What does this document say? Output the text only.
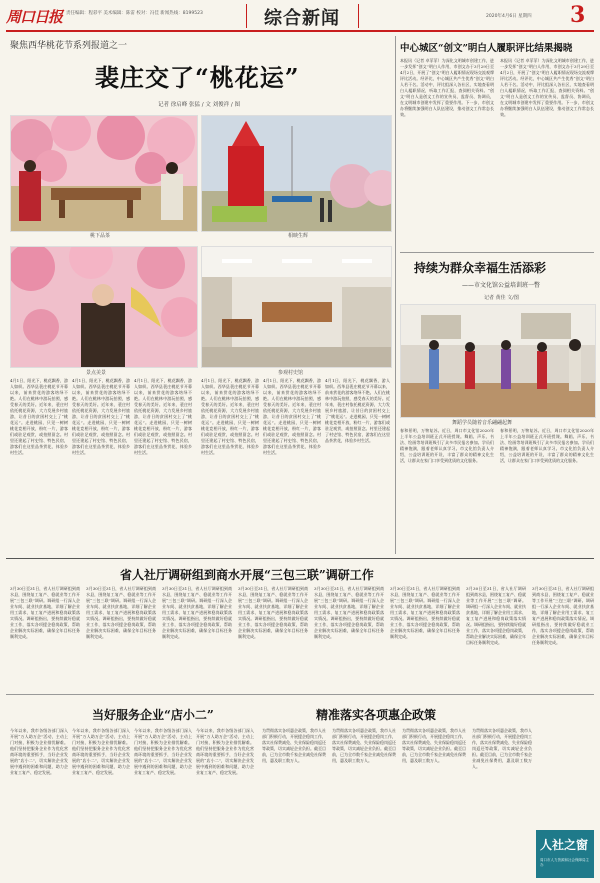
周口日报 责任编辑：程彩平 美术编辑：陈雷 校对：冯佳 新闻热线：8199523	综合新闻	2020年4月6日 星期四 3
聚焦西华桃花节系列报道之一
裴庄交了“桃花运”
记者 徐启峰 张猛 / 文 刘俊祥 / 图
桃下品茶	相映生辉
景点美景	参观村史馆
4月1日，阳光下，桃花飘香，游人如织。西华县裴庄桃花节开幕以来，前来赏花的游客络绎不绝。人们在桃林中游玩拍照，感受春天的美好。近年来，裴庄村依托桃花资源，大力发展乡村旅游，让昔日的贫困村交上了“桃花运”。走进桃园，只见一树树桃花竞相开放，粉红一片，游客们或驻足观赏，或拍照留念。村里还建起了村史馆、特色民宿，游客们在这里品茶赏花，体验乡村生活。
4月1日，阳光下，桃花飘香，游人如织。西华县裴庄桃花节开幕以来，前来赏花的游客络绎不绝。人们在桃林中游玩拍照，感受春天的美好。近年来，裴庄村依托桃花资源，大力发展乡村旅游，让昔日的贫困村交上了“桃花运”。走进桃园，只见一树树桃花竞相开放，粉红一片，游客们或驻足观赏，或拍照留念。村里还建起了村史馆、特色民宿，游客们在这里品茶赏花，体验乡村生活。
4月1日，阳光下，桃花飘香，游人如织。西华县裴庄桃花节开幕以来，前来赏花的游客络绎不绝。人们在桃林中游玩拍照，感受春天的美好。近年来，裴庄村依托桃花资源，大力发展乡村旅游，让昔日的贫困村交上了“桃花运”。走进桃园，只见一树树桃花竞相开放，粉红一片，游客们或驻足观赏，或拍照留念。村里还建起了村史馆、特色民宿，游客们在这里品茶赏花，体验乡村生活。
4月1日，阳光下，桃花飘香，游人如织。西华县裴庄桃花节开幕以来，前来赏花的游客络绎不绝。人们在桃林中游玩拍照，感受春天的美好。近年来，裴庄村依托桃花资源，大力发展乡村旅游，让昔日的贫困村交上了“桃花运”。走进桃园，只见一树树桃花竞相开放，粉红一片，游客们或驻足观赏，或拍照留念。村里还建起了村史馆、特色民宿，游客们在这里品茶赏花，体验乡村生活。
4月1日，阳光下，桃花飘香，游人如织。西华县裴庄桃花节开幕以来，前来赏花的游客络绎不绝。人们在桃林中游玩拍照，感受春天的美好。近年来，裴庄村依托桃花资源，大力发展乡村旅游，让昔日的贫困村交上了“桃花运”。走进桃园，只见一树树桃花竞相开放，粉红一片，游客们或驻足观赏，或拍照留念。村里还建起了村史馆、特色民宿，游客们在这里品茶赏花，体验乡村生活。
4月1日，阳光下，桃花飘香，游人如织。西华县裴庄桃花节开幕以来，前来赏花的游客络绎不绝。人们在桃林中游玩拍照，感受春天的美好。近年来，裴庄村依托桃花资源，大力发展乡村旅游，让昔日的贫困村交上了“桃花运”。走进桃园，只见一树树桃花竞相开放，粉红一片，游客们或驻足观赏，或拍照留念。村里还建起了村史馆、特色民宿，游客们在这里品茶赏花，体验乡村生活。
中心城区“创文”明白人履职评比结果揭晓
本报讯（记者 卓菲菲）为深化文明城市创建工作，进一步发挥“创文”明白人作用，市创文办于3月29日至4月2日，开展了“创文”明白人履职情况现场交流观摩评比活动。经评比，中心城区共产生优秀“创文”明白人若干名。活动中，评比组深入各社区，实地查看明白人履职情况，听取工作汇报，查阅相关资料。“创文”明白人是创文工作的宣传员、监督员、协调员，在文明城市创建中发挥了重要作用。下一步，市创文办将继续加强明白人队伍建设，推动创文工作常态长效。
本报讯（记者 卓菲菲）为深化文明城市创建工作，进一步发挥“创文”明白人作用，市创文办于3月29日至4月2日，开展了“创文”明白人履职情况现场交流观摩评比活动。经评比，中心城区共产生优秀“创文”明白人若干名。活动中，评比组深入各社区，实地查看明白人履职情况，听取工作汇报，查阅相关资料。“创文”明白人是创文工作的宣传员、监督员、协调员，在文明城市创建中发挥了重要作用。下一步，市创文办将继续加强明白人队伍建设，推动创文工作常态长效。
持续为群众幸福生活添彩
——市文化馆公益培训班一瞥
记者 黄佳 文/图
舞蹈学员随着音乐翩翩起舞
春和景明，万物复苏。近日，周口市文化馆2020年上半年公益培训班正式开班授课。舞蹈、声乐、书法、绘画等培训班吸引了众多市民报名参加。学员们精神饱满，跟着老师认真学习。市文化馆负责人介绍，公益培训班的开设，丰富了群众的精神文化生活，让群众在家门口享受到优质的文化服务。
春和景明，万物复苏。近日，周口市文化馆2020年上半年公益培训班正式开班授课。舞蹈、声乐、书法、绘画等培训班吸引了众多市民报名参加。学员们精神饱满，跟着老师认真学习。市文化馆负责人介绍，公益培训班的开设，丰富了群众的精神文化生活，让群众在家门口享受到优质的文化服务。
省人社厅调研组到商水开展“三包三联”调研工作
3月30日至31日，省人社厅调研组到商水县，围绕复工复产、稳就业等工作开展“三包三联”调研。调研组一行深入企业车间、就业扶贫基地，详细了解企业用工需求、复工复产进展和稳岗政策落实情况。调研组指出，要持续做好稳就业工作，落实各项援企稳岗政策，帮助企业解决实际困难，确保全年目标任务顺利完成。
3月30日至31日，省人社厅调研组到商水县，围绕复工复产、稳就业等工作开展“三包三联”调研。调研组一行深入企业车间、就业扶贫基地，详细了解企业用工需求、复工复产进展和稳岗政策落实情况。调研组指出，要持续做好稳就业工作，落实各项援企稳岗政策，帮助企业解决实际困难，确保全年目标任务顺利完成。
3月30日至31日，省人社厅调研组到商水县，围绕复工复产、稳就业等工作开展“三包三联”调研。调研组一行深入企业车间、就业扶贫基地，详细了解企业用工需求、复工复产进展和稳岗政策落实情况。调研组指出，要持续做好稳就业工作，落实各项援企稳岗政策，帮助企业解决实际困难，确保全年目标任务顺利完成。
3月30日至31日，省人社厅调研组到商水县，围绕复工复产、稳就业等工作开展“三包三联”调研。调研组一行深入企业车间、就业扶贫基地，详细了解企业用工需求、复工复产进展和稳岗政策落实情况。调研组指出，要持续做好稳就业工作，落实各项援企稳岗政策，帮助企业解决实际困难，确保全年目标任务顺利完成。
3月30日至31日，省人社厅调研组到商水县，围绕复工复产、稳就业等工作开展“三包三联”调研。调研组一行深入企业车间、就业扶贫基地，详细了解企业用工需求、复工复产进展和稳岗政策落实情况。调研组指出，要持续做好稳就业工作，落实各项援企稳岗政策，帮助企业解决实际困难，确保全年目标任务顺利完成。
3月30日至31日，省人社厅调研组到商水县，围绕复工复产、稳就业等工作开展“三包三联”调研。调研组一行深入企业车间、就业扶贫基地，详细了解企业用工需求、复工复产进展和稳岗政策落实情况。调研组指出，要持续做好稳就业工作，落实各项援企稳岗政策，帮助企业解决实际困难，确保全年目标任务顺利完成。
3月30日至31日，省人社厅调研组到商水县，围绕复工复产、稳就业等工作开展“三包三联”调研。调研组一行深入企业车间、就业扶贫基地，详细了解企业用工需求、复工复产进展和稳岗政策落实情况。调研组指出，要持续做好稳就业工作，落实各项援企稳岗政策，帮助企业解决实际困难，确保全年目标任务顺利完成。
3月30日至31日，省人社厅调研组到商水县，围绕复工复产、稳就业等工作开展“三包三联”调研。调研组一行深入企业车间、就业扶贫基地，详细了解企业用工需求、复工复产进展和稳岗政策落实情况。调研组指出，要持续做好稳就业工作，落实各项援企稳岗政策，帮助企业解决实际困难，确保全年目标任务顺利完成。
当好服务企业“店小二”
今年以来，我市各级各部门深入开展“万人助万企”活动，主动上门对接，积极为企业排忧解难。他们坚持把服务企业作为优化营商环境的重要抓手，当好企业发展的“店小二”，切实解决企业发展中遇到的困难和问题，助力企业复工复产、稳定发展。
今年以来，我市各级各部门深入开展“万人助万企”活动，主动上门对接，积极为企业排忧解难。他们坚持把服务企业作为优化营商环境的重要抓手，当好企业发展的“店小二”，切实解决企业发展中遇到的困难和问题，助力企业复工复产、稳定发展。
今年以来，我市各级各部门深入开展“万人助万企”活动，主动上门对接，积极为企业排忧解难。他们坚持把服务企业作为优化营商环境的重要抓手，当好企业发展的“店小二”，切实解决企业发展中遇到的困难和问题，助力企业复工复产、稳定发展。
今年以来，我市各级各部门深入开展“万人助万企”活动，主动上门对接，积极为企业排忧解难。他们坚持把服务企业作为优化营商环境的重要抓手，当好企业发展的“店小二”，切实解决企业发展中遇到的困难和问题，助力企业复工复产、稳定发展。
精准落实各项惠企政策
为贯彻落实各项惠企政策，我市人社部门积极行动，开展援企稳岗工作，落实社保费减免、失业保险稳岗返还等政策，切实减轻企业负担。截至目前，已为全市数千家企业减免社保费用，惠及职工数万人。
为贯彻落实各项惠企政策，我市人社部门积极行动，开展援企稳岗工作，落实社保费减免、失业保险稳岗返还等政策，切实减轻企业负担。截至目前，已为全市数千家企业减免社保费用，惠及职工数万人。
为贯彻落实各项惠企政策，我市人社部门积极行动，开展援企稳岗工作，落实社保费减免、失业保险稳岗返还等政策，切实减轻企业负担。截至目前，已为全市数千家企业减免社保费用，惠及职工数万人。
为贯彻落实各项惠企政策，我市人社部门积极行动，开展援企稳岗工作，落实社保费减免、失业保险稳岗返还等政策，切实减轻企业负担。截至目前，已为全市数千家企业减免社保费用，惠及职工数万人。
人社之窗
周口市人力资源和社会保障局主办
